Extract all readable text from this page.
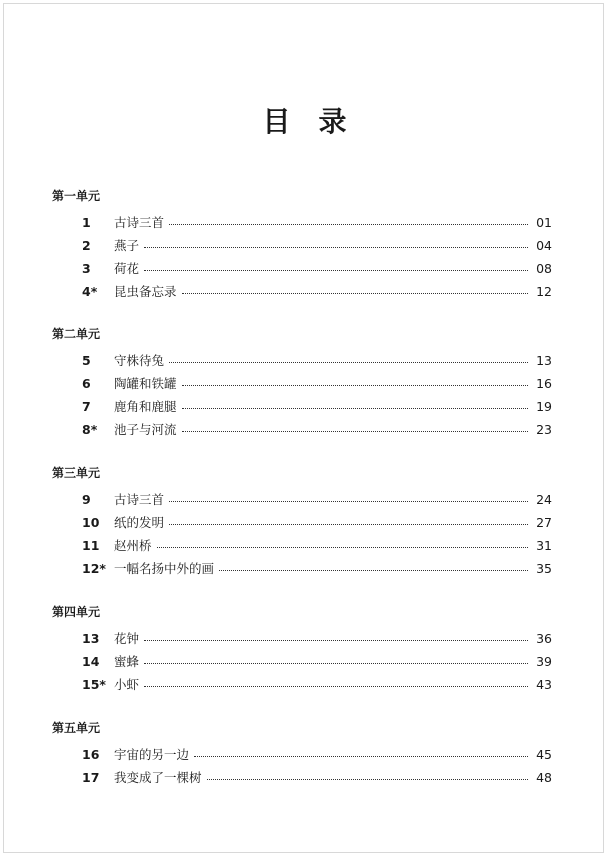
目 录
第一单元
1	古诗三首	01
2	燕子	04
3	荷花	08
4*	昆虫备忘录	12
第二单元
5	守株待兔	13
6	陶罐和铁罐	16
7	鹿角和鹿腿	19
8*	池子与河流	23
第三单元
9	古诗三首	24
10	纸的发明	27
11	赵州桥	31
12* 一幅名扬中外的画	35
第四单元
13	花钟	36
14	蜜蜂	39
15* 小虾	43
第五单元
16	宇宙的另一边	45
17	我变成了一棵树	48
